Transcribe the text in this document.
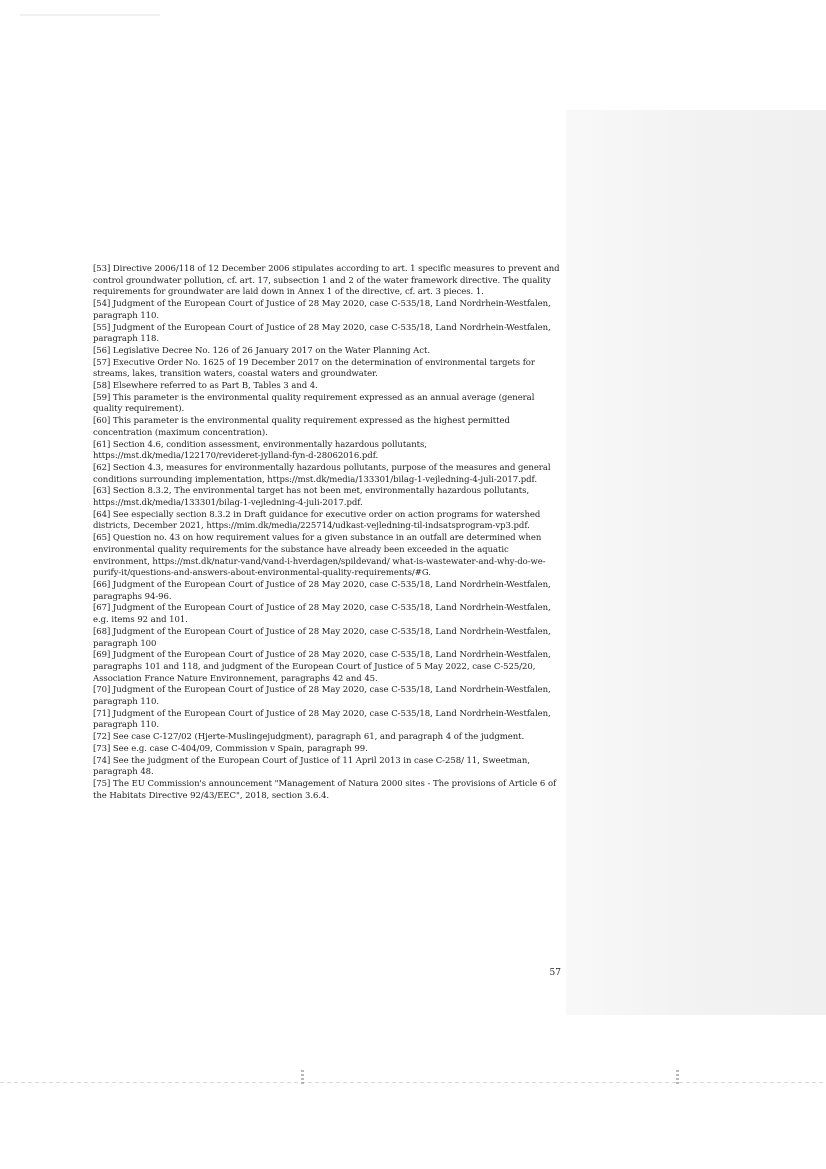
[53] Directive 2006/118 of 12 December 2006 stipulates according to art. 1 specific measures to prevent and control groundwater pollution, cf. art. 17, subsection 1 and 2 of the water framework directive. The quality requirements for groundwater are laid down in Annex 1 of the directive, cf. art. 3 pieces. 1.

[54] Judgment of the European Court of Justice of 28 May 2020, case C-535/18, Land Nordrhein-Westfalen, paragraph 110.

[55] Judgment of the European Court of Justice of 28 May 2020, case C-535/18, Land Nordrhein-Westfalen, paragraph 118.

[56] Legislative Decree No. 126 of 26 January 2017 on the Water Planning Act.

[57] Executive Order No. 1625 of 19 December 2017 on the determination of environmental targets for streams, lakes, transition waters, coastal waters and groundwater.

[58] Elsewhere referred to as Part B, Tables 3 and 4.

[59] This parameter is the environmental quality requirement expressed as an annual average (general quality requirement).

[60] This parameter is the environmental quality requirement expressed as the highest permitted concentration (maximum concentration).

[61] Section 4.6, condition assessment, environmentally hazardous pollutants, https://mst.dk/media/122170/revideret-jylland-fyn-d-28062016.pdf.

[62] Section 4.3, measures for environmentally hazardous pollutants, purpose of the measures and general conditions surrounding implementation, https://mst.dk/media/133301/bilag-1-vejledning-4-juli-2017.pdf.

[63] Section 8.3.2, The environmental target has not been met, environmentally hazardous pollutants, https://mst.dk/media/133301/bilag-1-vejledning-4-juli-2017.pdf.

[64] See especially section 8.3.2 in Draft guidance for executive order on action programs for watershed districts, December 2021, https://mim.dk/media/225714/udkast-vejledning-til-indsatsprogram-vp3.pdf.

[65] Question no. 43 on how requirement values for a given substance in an outfall are determined when environmental quality requirements for the substance have already been exceeded in the aquatic environment, https://mst.dk/natur-vand/vand-i-hverdagen/spildevand/ what-is-wastewater-and-why-do-we-purify-it/questions-and-answers-about-environmental-quality-requirements/#G.

[66] Judgment of the European Court of Justice of 28 May 2020, case C-535/18, Land Nordrhein-Westfalen, paragraphs 94-96.

[67] Judgment of the European Court of Justice of 28 May 2020, case C-535/18, Land Nordrhein-Westfalen, e.g. items 92 and 101.

[68] Judgment of the European Court of Justice of 28 May 2020, case C-535/18, Land Nordrhein-Westfalen, paragraph 100

[69] Judgment of the European Court of Justice of 28 May 2020, case C-535/18, Land Nordrhein-Westfalen, paragraphs 101 and 118, and judgment of the European Court of Justice of 5 May 2022, case C-525/20, Association France Nature Environnement, paragraphs 42 and 45.

[70] Judgment of the European Court of Justice of 28 May 2020, case C-535/18, Land Nordrhein-Westfalen, paragraph 110.

[71] Judgment of the European Court of Justice of 28 May 2020, case C-535/18, Land Nordrhein-Westfalen, paragraph 110.

[72] See case C-127/02 (Hjerte-Muslingejudgment), paragraph 61, and paragraph 4 of the judgment.

[73] See e.g. case C-404/09, Commission v Spain, paragraph 99.

[74] See the judgment of the European Court of Justice of 11 April 2013 in case C-258/ 11, Sweetman, paragraph 48.

[75] The EU Commission's announcement "Management of Natura 2000 sites - The provisions of Article 6 of the Habitats Directive 92/43/EEC", 2018, section 3.6.4.

57
